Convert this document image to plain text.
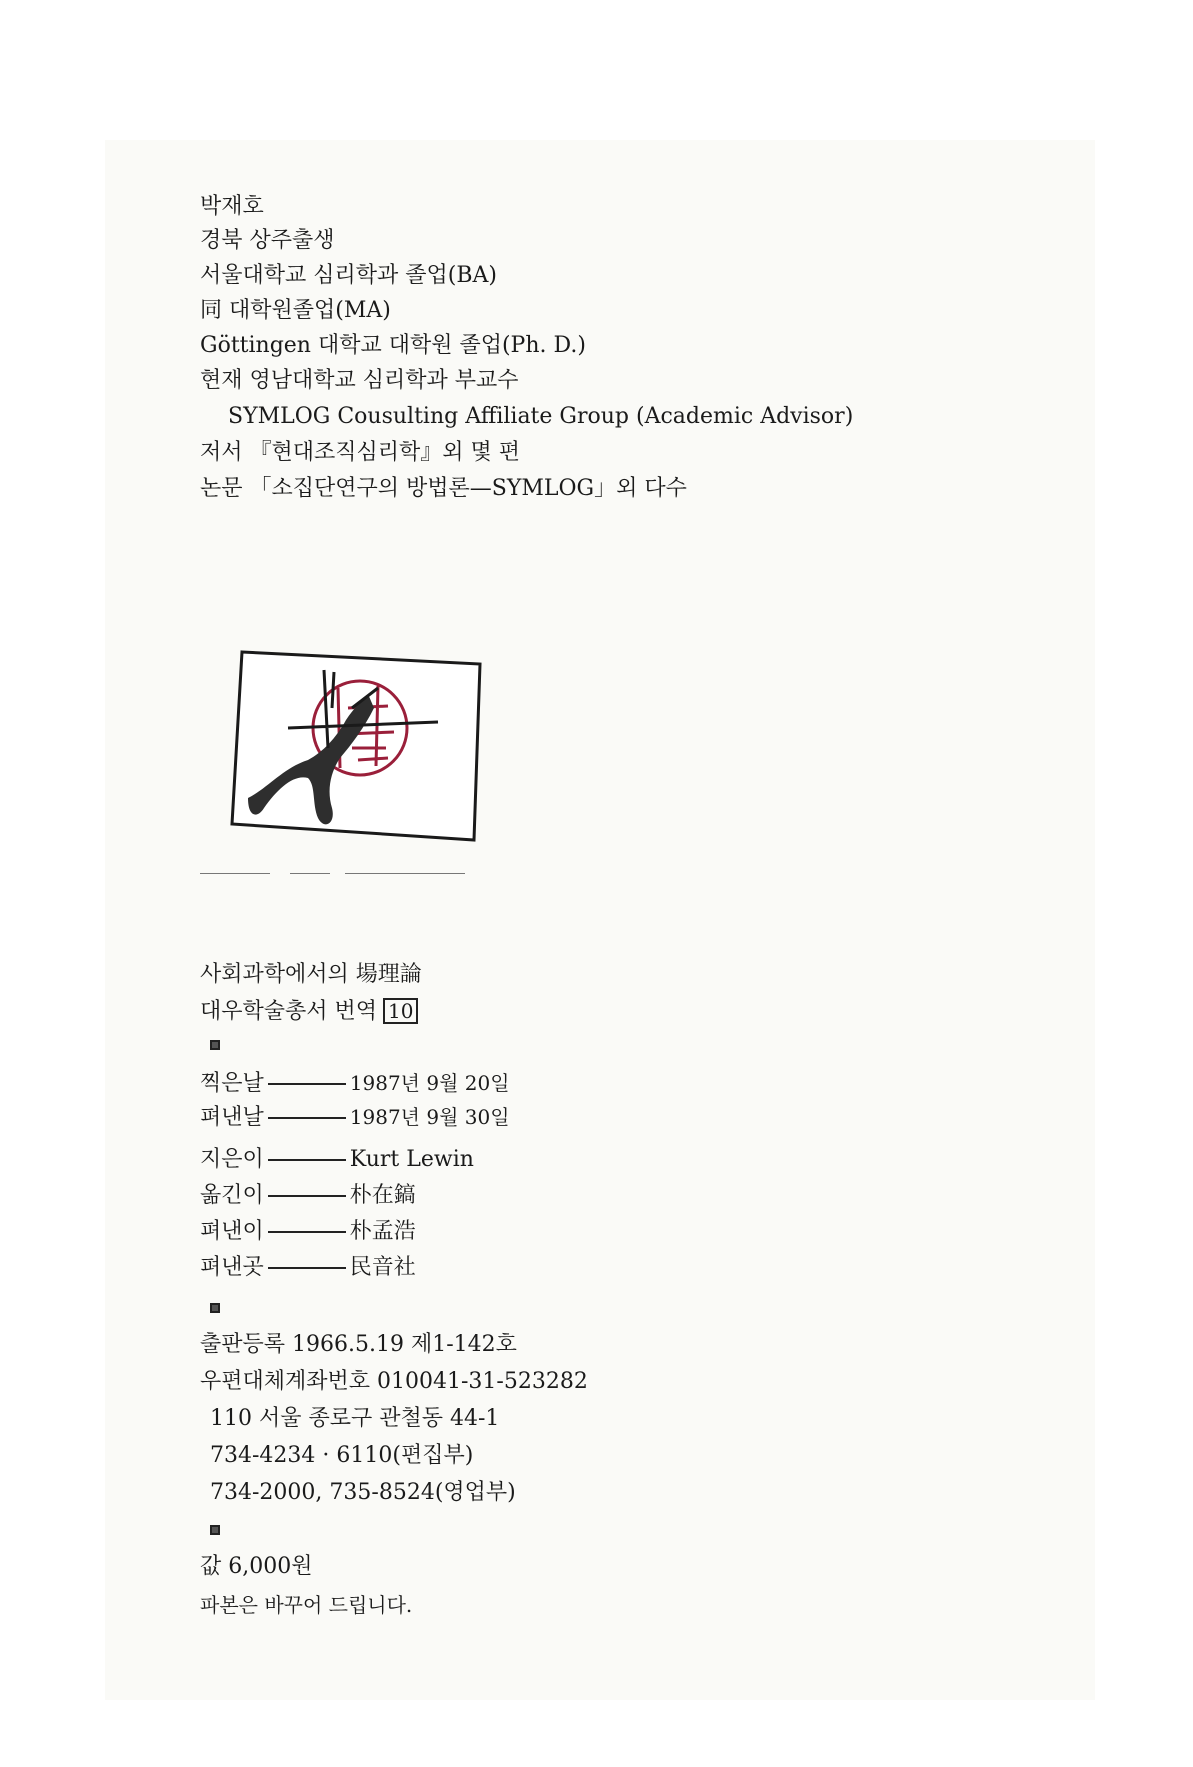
박재호
경북 상주출생
서울대학교 심리학과 졸업(BA)
同 대학원졸업(MA)
Göttingen 대학교 대학원 졸업(Ph. D.)
현재 영남대학교 심리학과 부교수
SYMLOG Cousulting Affiliate Group (Academic Advisor)
저서 『현대조직심리학』외 몇 편
논문 「소집단연구의 방법론—SYMLOG」외 다수
사회과학에서의 場理論
대우학술총서 번역 10
찍은날	1987년 9월 20일
펴낸날	1987년 9월 30일
지은이	Kurt Lewin
옮긴이	朴在鎬
펴낸이	朴孟浩
펴낸곳	民音社
출판등록 1966.5.19 제1-142호
우편대체계좌번호 010041-31-523282
110 서울 종로구 관철동 44-1
734-4234 · 6110(편집부)
734-2000, 735-8524(영업부)
값 6,000원
파본은 바꾸어 드립니다.
